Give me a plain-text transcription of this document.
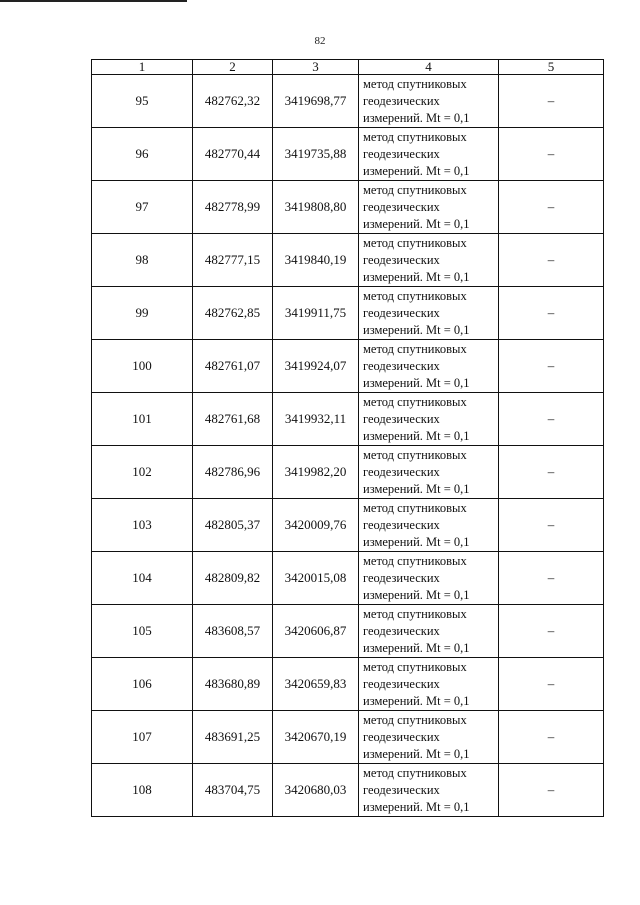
82
1	2	3	4	5
95	482762,32	3419698,77	метод спутниковых
геодезических
измерений. Mt = 0,1	–
96	482770,44	3419735,88	метод спутниковых
геодезических
измерений. Mt = 0,1	–
97	482778,99	3419808,80	метод спутниковых
геодезических
измерений. Mt = 0,1	–
98	482777,15	3419840,19	метод спутниковых
геодезических
измерений. Mt = 0,1	–
99	482762,85	3419911,75	метод спутниковых
геодезических
измерений. Mt = 0,1	–
100	482761,07	3419924,07	метод спутниковых
геодезических
измерений. Mt = 0,1	–
101	482761,68	3419932,11	метод спутниковых
геодезических
измерений. Mt = 0,1	–
102	482786,96	3419982,20	метод спутниковых
геодезических
измерений. Mt = 0,1	–
103	482805,37	3420009,76	метод спутниковых
геодезических
измерений. Mt = 0,1	–
104	482809,82	3420015,08	метод спутниковых
геодезических
измерений. Mt = 0,1	–
105	483608,57	3420606,87	метод спутниковых
геодезических
измерений. Mt = 0,1	–
106	483680,89	3420659,83	метод спутниковых
геодезических
измерений. Mt = 0,1	–
107	483691,25	3420670,19	метод спутниковых
геодезических
измерений. Mt = 0,1	–
108	483704,75	3420680,03	метод спутниковых
геодезических
измерений. Mt = 0,1	–
